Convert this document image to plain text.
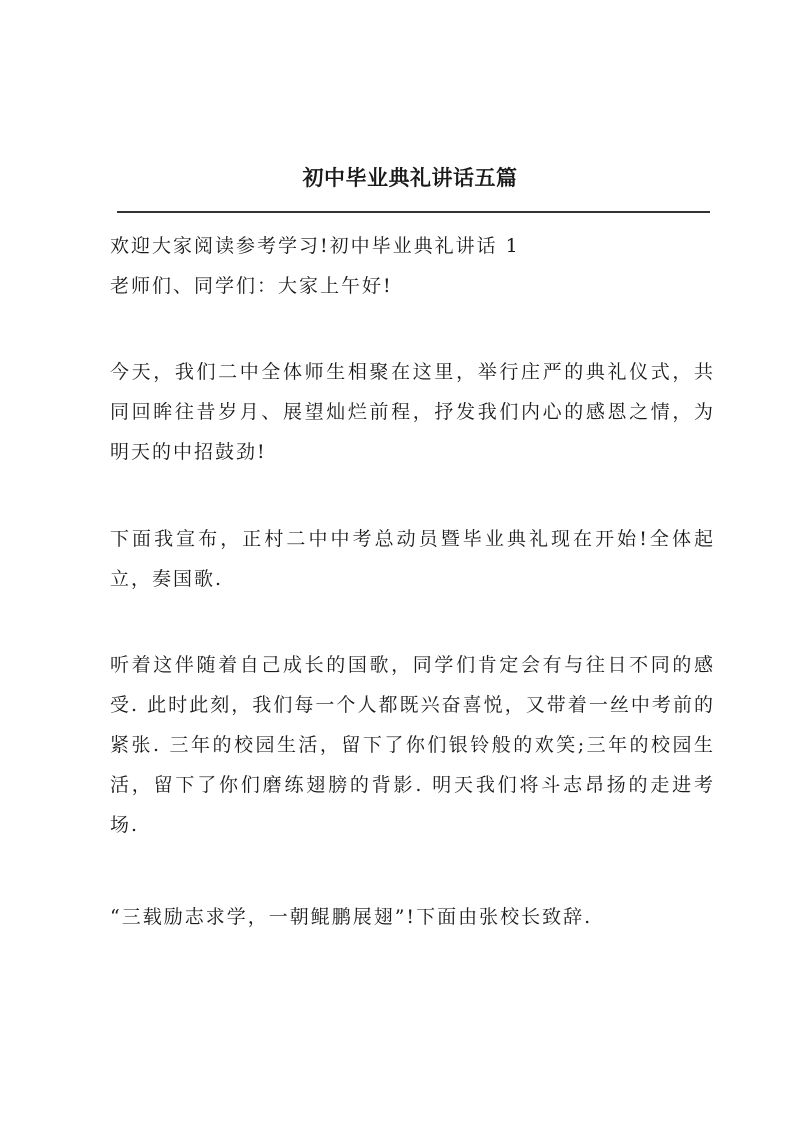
初中毕业典礼讲话五篇

欢迎大家阅读参考学习!初中毕业典礼讲话 1

老师们、同学们：大家上午好!

今天，我们二中全体师生相聚在这里，举行庄严的典礼仪式，共同回眸往昔岁月、展望灿烂前程，抒发我们内心的感恩之情，为明天的中招鼓劲!

下面我宣布，正村二中中考总动员暨毕业典礼现在开始!全体起立，奏国歌.

听着这伴随着自己成长的国歌，同学们肯定会有与往日不同的感受. 此时此刻，我们每一个人都既兴奋喜悦，又带着一丝中考前的紧张. 三年的校园生活，留下了你们银铃般的欢笑;三年的校园生活，留下了你们磨练翅膀的背影. 明天我们将斗志昂扬的走进考场.

“三载励志求学，一朝鲲鹏展翅”!下面由张校长致辞.
